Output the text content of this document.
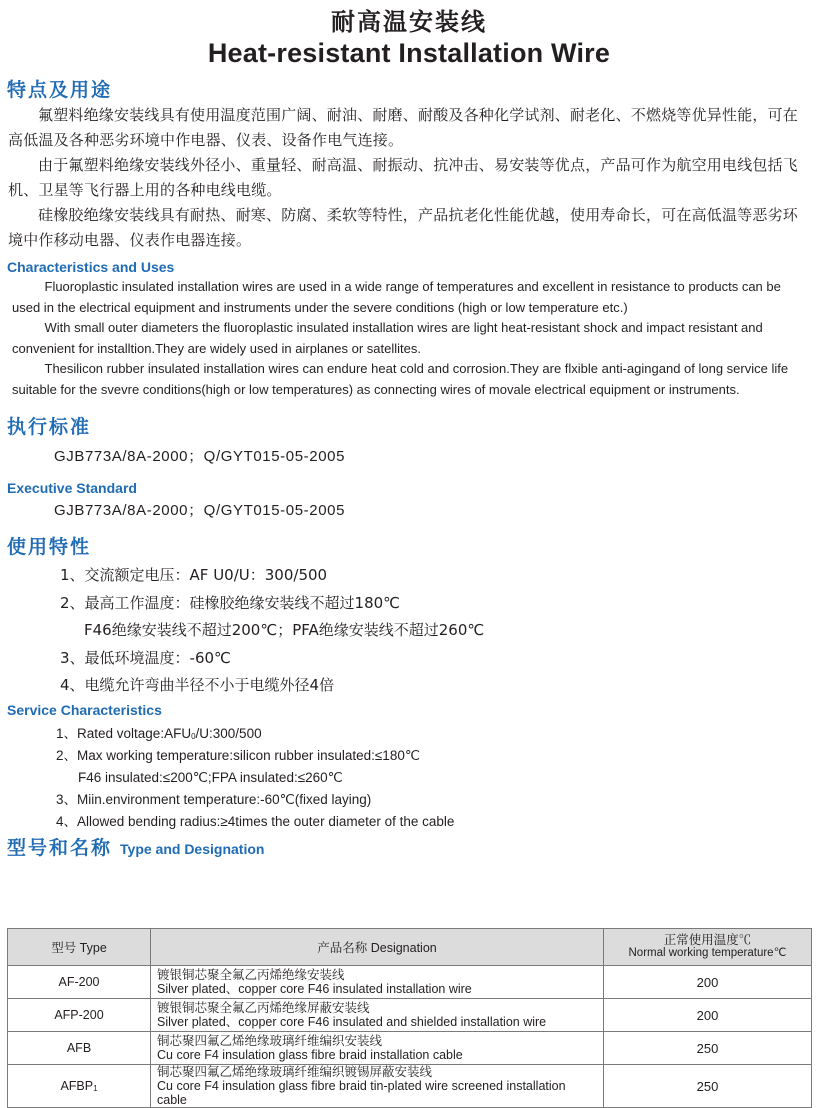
耐高温安装线
Heat-resistant Installation Wire
特点及用途

氟塑料绝缘安装线具有使用温度范围广阔、耐油、耐磨、耐酸及各种化学试剂、耐老化、不燃烧等优异性能，可在高低温及各种恶劣环境中作电器、仪表、设备作电气连接。

由于氟塑料绝缘安装线外径小、重量轻、耐高温、耐振动、抗冲击、易安装等优点，产品可作为航空用电线包括飞机、卫星等飞行器上用的各种电线电缆。

硅橡胶绝缘安装线具有耐热、耐寒、防腐、柔软等特性，产品抗老化性能优越，使用寿命长，可在高低温等恶劣环境中作移动电器、仪表作电器连接。

Characteristics and Uses

Fluoroplastic insulated installation wires are used in a wide range of temperatures and excellent in resistance to products can be used in the electrical equipment and instruments under the severe conditions (high or low temperature etc.)

With small outer diameters the fluoroplastic insulated installation wires are light heat-resistant shock and impact resistant and convenient for installtion.They are widely used in airplanes or satellites.

Thesilicon rubber insulated installation wires can endure heat cold and corrosion.They are flxible anti-agingand of long service life suitable for the svevre conditions(high or low temperatures) as connecting wires of movale electrical equipment or instruments.

执行标准
GJB773A/8A-2000；Q/GYT015-05-2005
Executive Standard
GJB773A/8A-2000；Q/GYT015-05-2005
使用特性
1、交流额定电压：AF U0/U：300/500
2、最高工作温度：硅橡胶绝缘安装线不超过180℃
F46绝缘安装线不超过200℃；PFA绝缘安装线不超过260℃
3、最低环境温度：-60℃
4、电缆允许弯曲半径不小于电缆外径4倍
Service Characteristics
1、Rated voltage:AFU0/U:300/500
2、Max working temperature:silicon rubber insulated:≤180℃
F46 insulated:≤200℃;FPA insulated:≤260℃
3、Miin.environment temperature:-60℃(fixed laying)
4、Allowed bending radius:≥4times the outer diameter of the cable
型号和名称 Type and Designation
型号 Type	产品名称 Designation	正常使用温度℃
Normal working temperature℃

AF-200	镀银铜芯聚全氟乙丙烯绝缘安装线
Silver plated、copper core F46 insulated installation wire	200
AFP-200	镀银铜芯聚全氟乙丙烯绝缘屏蔽安装线
Silver plated、copper core F46 insulated and shielded installation wire	200
AFB	铜芯聚四氟乙烯绝缘玻璃纤维编织安装线
Cu core F4 insulation glass fibre braid installation cable	250
AFBP1	铜芯聚四氟乙烯绝缘玻璃纤维编织镀锡屏蔽安装线
Cu core F4 insulation glass fibre braid tin-plated wire screened installation cable	250
